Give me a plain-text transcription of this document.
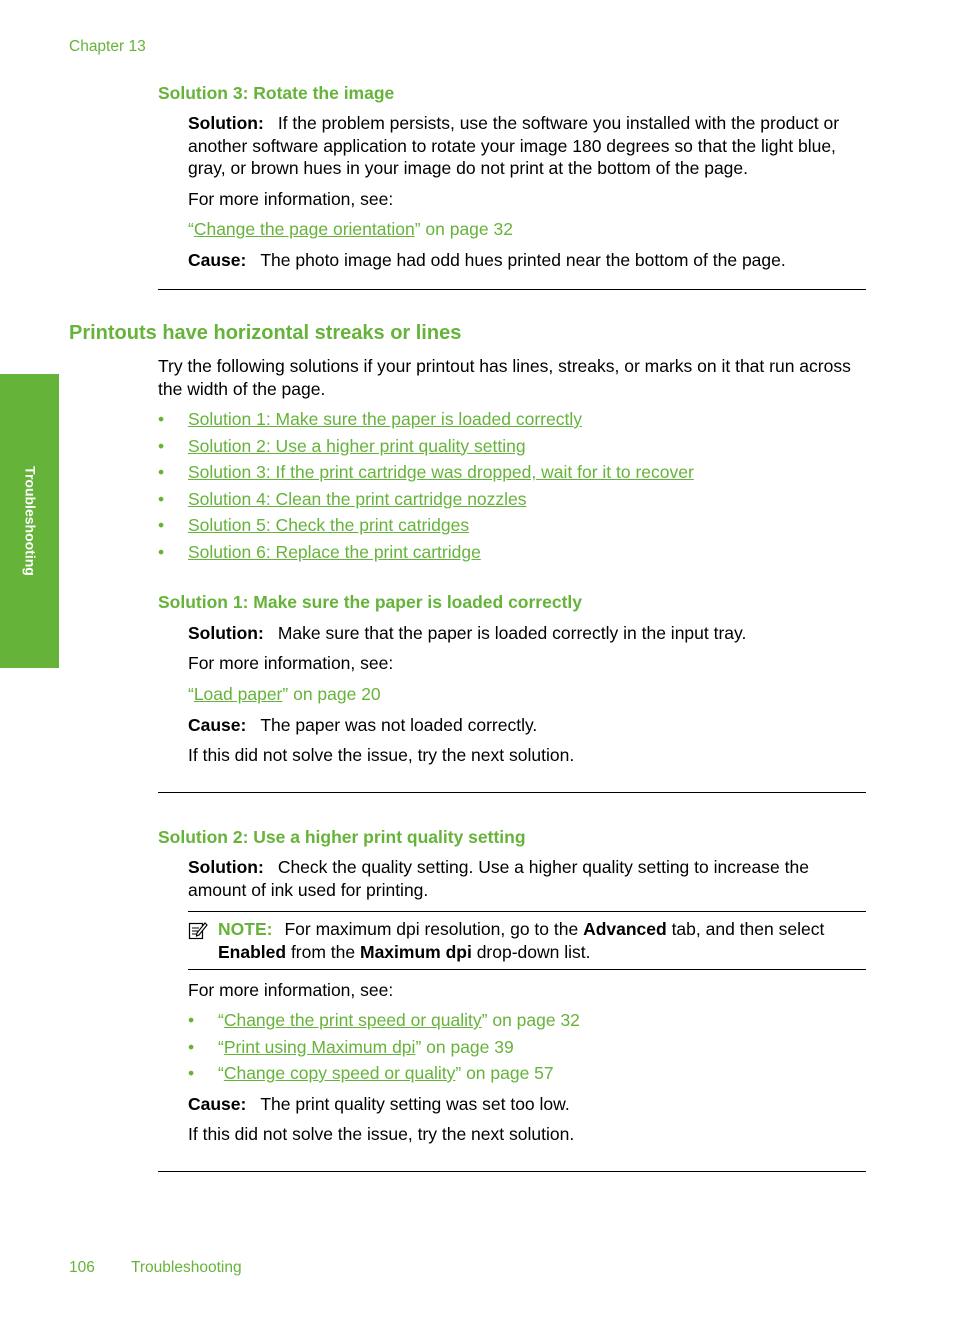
Chapter 13
Troubleshooting
Solution 3: Rotate the image
Solution: If the problem persists, use the software you installed with the product or another software application to rotate your image 180 degrees so that the light blue, gray, or brown hues in your image do not print at the bottom of the page.
For more information, see:
“Change the page orientation” on page 32
Cause: The photo image had odd hues printed near the bottom of the page.
Printouts have horizontal streaks or lines
Try the following solutions if your printout has lines, streaks, or marks on it that run across the width of the page.
• Solution 1: Make sure the paper is loaded correctly
• Solution 2: Use a higher print quality setting
• Solution 3: If the print cartridge was dropped, wait for it to recover
• Solution 4: Clean the print cartridge nozzles
• Solution 5: Check the print catridges
• Solution 6: Replace the print cartridge
Solution 1: Make sure the paper is loaded correctly
Solution: Make sure that the paper is loaded correctly in the input tray.
For more information, see:
“Load paper” on page 20
Cause: The paper was not loaded correctly.
If this did not solve the issue, try the next solution.
Solution 2: Use a higher print quality setting
Solution: Check the quality setting. Use a higher quality setting to increase the amount of ink used for printing.
NOTE: For maximum dpi resolution, go to the Advanced tab, and then select Enabled from the Maximum dpi drop-down list.
For more information, see:
• “Change the print speed or quality” on page 32
• “Print using Maximum dpi” on page 39
• “Change copy speed or quality” on page 57
Cause: The print quality setting was set too low.
If this did not solve the issue, try the next solution.
106 Troubleshooting
